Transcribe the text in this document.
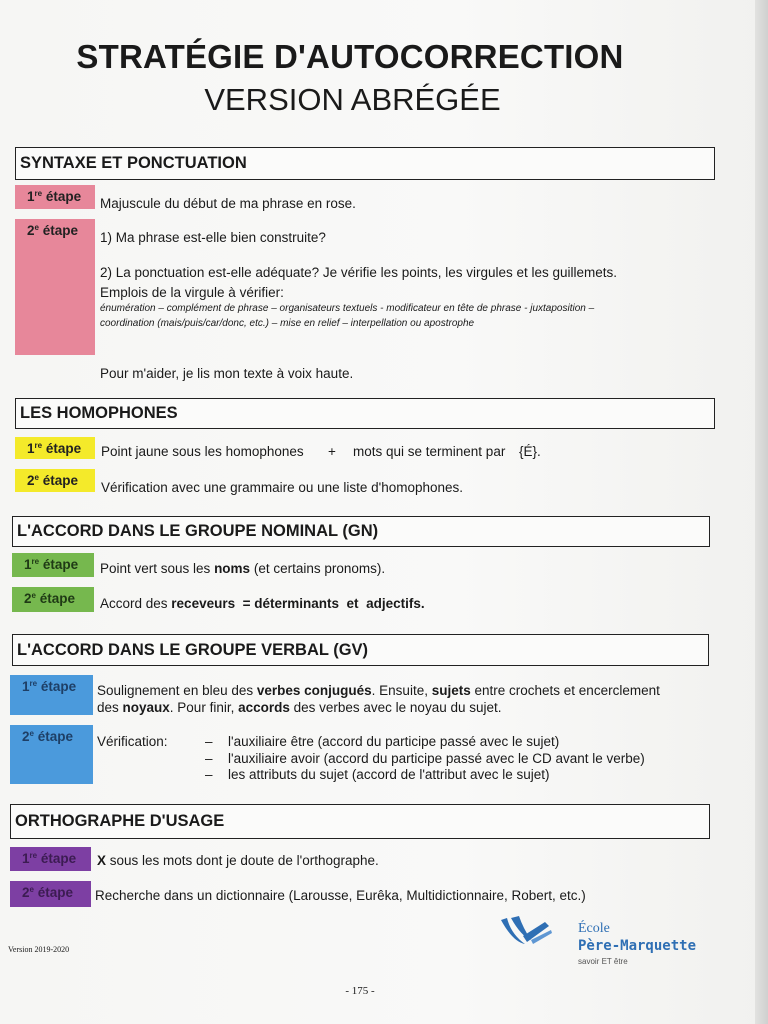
STRATÉGIE D'AUTOCORRECTION
VERSION ABRÉGÉE
SYNTAXE ET PONCTUATION
1re étape	Majuscule du début de ma phrase en rose.
2e étape	1) Ma phrase est-elle bien construite?
2) La ponctuation est-elle adéquate? Je vérifie les points, les virgules et les guillemets.
Emplois de la virgule à vérifier:
énumération – complément de phrase – organisateurs textuels - modificateur en tête de phrase - juxtaposition –
coordination (mais/puis/car/donc, etc.) – mise en relief – interpellation ou apostrophe
Pour m'aider, je lis mon texte à voix haute.
LES HOMOPHONES
1re étape	Point jaune sous les homophones + mots qui se terminent par {É}.
2e étape	Vérification avec une grammaire ou une liste d'homophones.
L'ACCORD DANS LE GROUPE NOMINAL (GN)
1re étape	Point vert sous les noms (et certains pronoms).
2e étape	Accord des receveurs = déterminants et adjectifs.
L'ACCORD DANS LE GROUPE VERBAL (GV)
1re étape	Soulignement en bleu des verbes conjugués. Ensuite, sujets entre crochets et encerclement
des noyaux. Pour finir, accords des verbes avec le noyau du sujet.
2e étape	Vérification:	– l'auxiliaire être (accord du participe passé avec le sujet)
– l'auxiliaire avoir (accord du participe passé avec le CD avant le verbe)
– les attributs du sujet (accord de l'attribut avec le sujet)
ORTHOGRAPHE D'USAGE
1re étape	X sous les mots dont je doute de l'orthographe.
2e étape	Recherche dans un dictionnaire (Larousse, Eurêka, Multidictionnaire, Robert, etc.)
École
Père-Marquette
savoir ET être
Version 2019-2020
- 175 -
